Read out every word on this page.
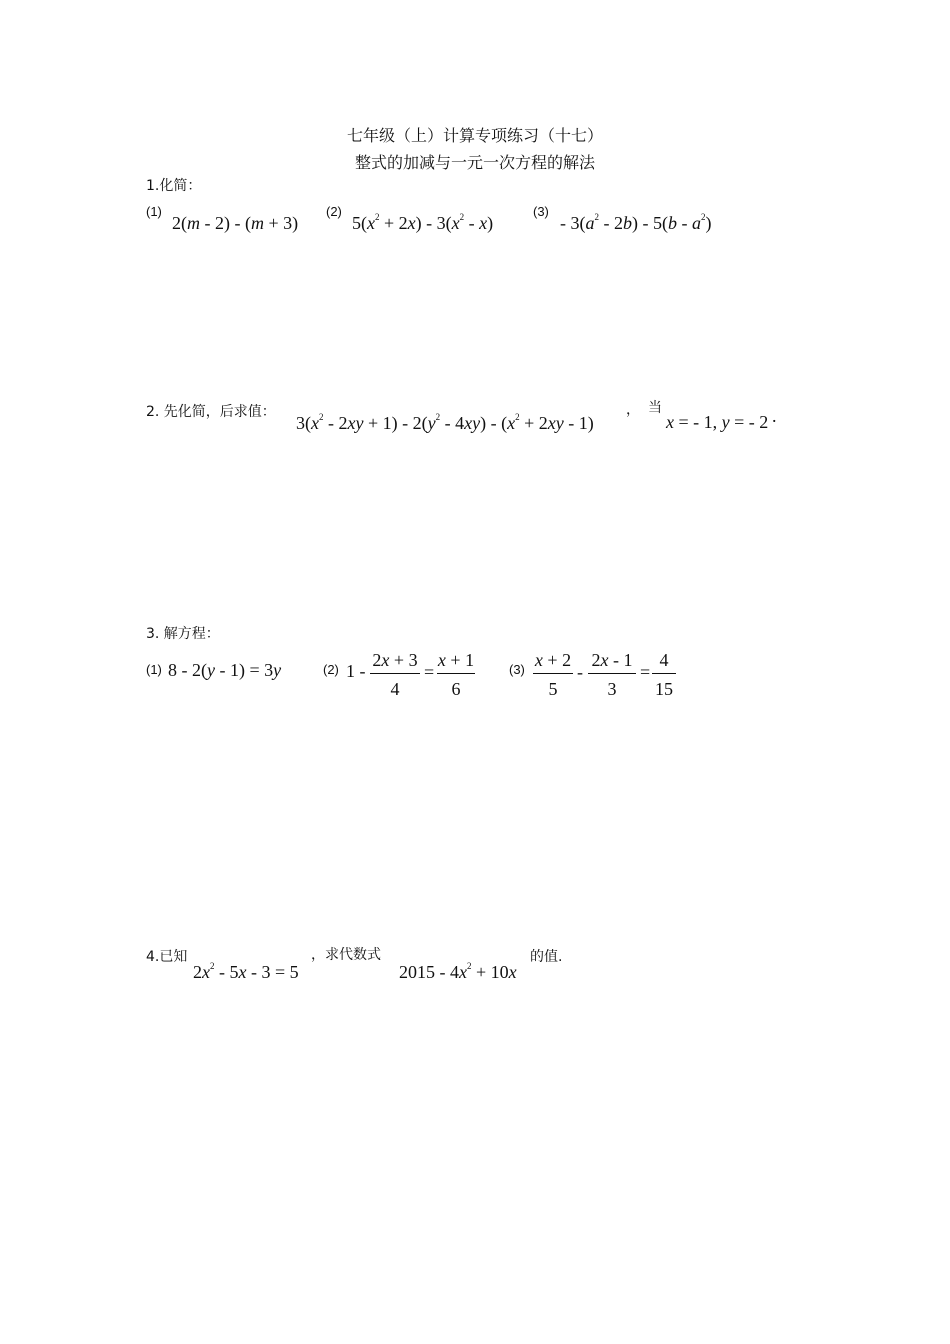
七年级（上）计算专项练习（十七）
整式的加减与一元一次方程的解法
1.化简：
(1)
2(m - 2) - (m + 3)
(2)
$5(x^2 + 2x) - 3(x^2 - x)$
(3)
- $3(a^2 - 2b) - 5(b - a^2)$
2. 先化简，后求值：
$3(x^2 - 2xy + 1) - 2(y^2 - 4xy) - (x^2 + 2xy - 1)$
， 当
x = - 1, y = - 2 .
3. 解方程：
(1) 8 - 2(y - 1) = 3y	(2) 1 -
2x + 3
4
=
x + 1
6
(3) x + 2
5
-
2x - 1
3
=
4
15
4.已知
$2x^2 - 5x - 3 = 5$
，求代数式
$2015 - 4x^2 + 10x$
的值.
